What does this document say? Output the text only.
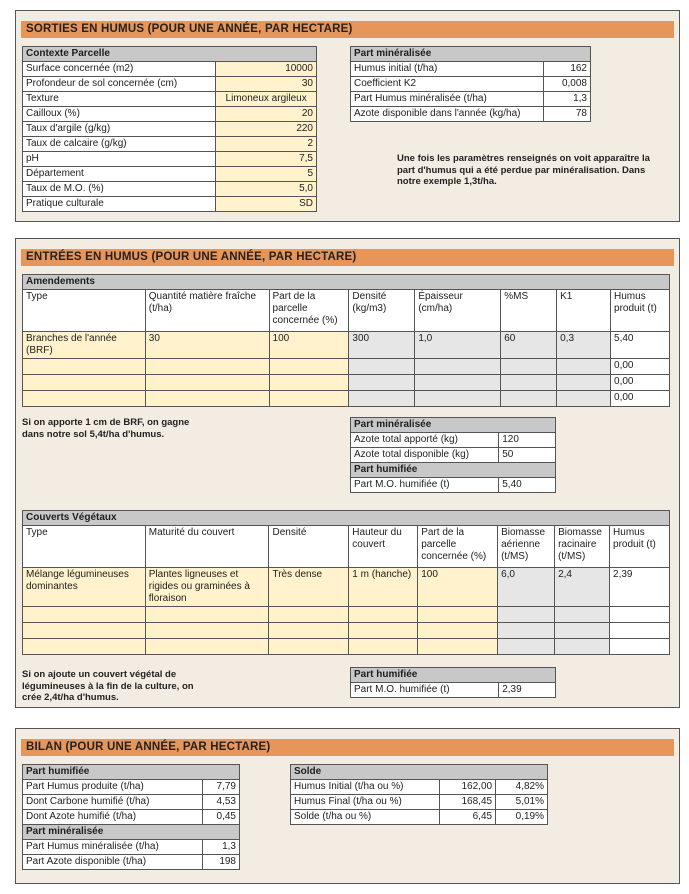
SORTIES EN HUMUS (POUR UNE ANNÉE, PAR HECTARE)
Contexte Parcelle	
Surface concernée (m2)	10000
Profondeur de sol concernée (cm)	30
Texture	Limoneux argileux
Cailloux (%)	20
Taux d'argile (g/kg)	220
Taux de calcaire (g/kg)	2
pH	7,5
Département	5
Taux de M.O. (%)	5,0
Pratique culturale	SD
Part minéralisée	
Humus initial (t/ha)	162
Coefficient K2	0,008
Part Humus minéralisée (t/ha)	1,3
Azote disponible dans l'année (kg/ha)	78
Une fois les paramètres renseignés on voit apparaître la part d'humus qui a été perdue par minéralisation. Dans notre exemple 1,3t/ha.
ENTRÉES EN HUMUS (POUR UNE ANNÉE, PAR HECTARE)
Amendements							
Type	Quantité matière fraîche (t/ha)	Part de la parcelle concernée (%)	Densité (kg/m3)	Épaisseur (cm/ha)	%MS	K1	Humus produit (t)
Branches de l'année (BRF)	30	100	300	1,0	60	0,3	5,40
							0,00
							0,00
							0,00
Si on apporte 1 cm de BRF, on gagne dans notre sol 5,4t/ha d'humus.
Part minéralisée	
Azote total apporté (kg)	120
Azote total disponible (kg)	50
Part humifiée	
Part M.O. humifiée (t)	5,40
Couverts Végétaux							
Type	Maturité du couvert	Densité	Hauteur du couvert	Part de la parcelle concernée (%)	Biomasse aérienne (t/MS)	Biomasse racinaire (t/MS)	Humus produit (t)
Mélange légumineuses dominantes	Plantes ligneuses et rigides ou graminées à floraison	Très dense	1 m (hanche)	100	6,0	2,4	2,39

Si on ajoute un couvert végétal de légumineuses à la fin de la culture, on crée 2,4t/ha d'humus.
Part humifiée
Part M.O. humifiée (t)	2,39
BILAN (POUR UNE ANNÉE, PAR HECTARE)
Part humifiée	
Part Humus produite (t/ha)	7,79
Dont Carbone humifié (t/ha)	4,53
Dont Azote humifié (t/ha)	0,45
Part minéralisée	
Part Humus minéralisée (t/ha)	1,3
Part Azote disponible (t/ha)	198
Solde		
Humus Initial (t/ha ou %)	162,00	4,82%
Humus Final (t/ha ou %)	168,45	5,01%
Solde (t/ha ou %)	6,45	0,19%
